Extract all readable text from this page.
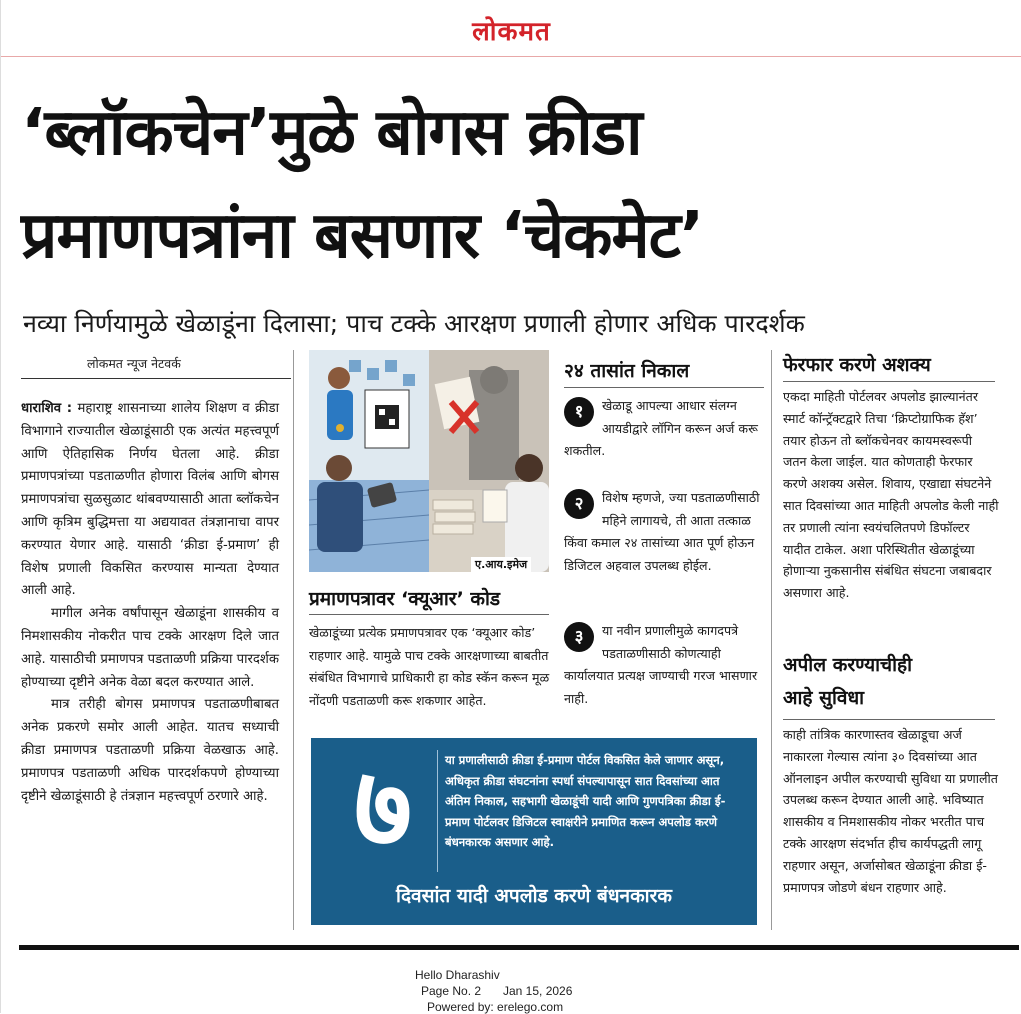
लोकमत
‘ब्लॉकचेन’मुळे बोगस क्रीडा
प्रमाणपत्रांना बसणार ‘चेकमेट’
नव्या निर्णयामुळे खेळाडूंना दिलासा; पाच टक्के आरक्षण प्रणाली होणार अधिक पारदर्शक
लोकमत न्यूज नेटवर्क

धाराशिव : महाराष्ट्र शासनाच्या शालेय शिक्षण व क्रीडा विभागाने राज्यातील खेळाडूंसाठी एक अत्यंत महत्त्वपूर्ण आणि ऐतिहासिक निर्णय घेतला आहे. क्रीडा प्रमाणपत्रांच्या पडताळणीत होणारा विलंब आणि बोगस प्रमाणपत्रांचा सुळसुळाट थांबवण्यासाठी आता ब्लॉकचेन आणि कृत्रिम बुद्धिमत्ता या अद्ययावत तंत्रज्ञानाचा वापर करण्यात येणार आहे. यासाठी ‘क्रीडा ई-प्रमाण’ ही विशेष प्रणाली विकसित करण्यास मान्यता देण्यात आली आहे.

मागील अनेक वर्षांपासून खेळाडूंना शासकीय व निमशासकीय नोकरीत पाच टक्के आरक्षण दिले जात आहे. यासाठीची प्रमाणपत्र पडताळणी प्रक्रिया पारदर्शक होण्याच्या दृष्टीने अनेक वेळा बदल करण्यात आले.

मात्र तरीही बोगस प्रमाणपत्र पडताळणीबाबत अनेक प्रकरणे समोर आली आहेत. यातच सध्याची क्रीडा प्रमाणपत्र पडताळणी प्रक्रिया वेळखाऊ आहे. प्रमाणपत्र पडताळणी अधिक पारदर्शकपणे होण्याच्या दृष्टीने खेळाडूंसाठी हे तंत्रज्ञान महत्त्वपूर्ण ठरणारे आहे.

ए.आय.इमेज
प्रमाणपत्रावर ‘क्यूआर’ कोड
खेळाडूंच्या प्रत्येक प्रमाणपत्रावर एक ‘क्यूआर कोड’ राहणार आहे. यामुळे पाच टक्के आरक्षणाच्या बाबतीत संबंधित विभागाचे प्राधिकारी हा कोड स्कॅन करून मूळ नोंदणी पडताळणी करू शकणार आहेत.
२४ तासांत निकाल
१	खेळाडू आपल्या आधार संलग्न आयडीद्वारे लॉगिन करून अर्ज करू शकतील.
२	विशेष म्हणजे, ज्या पडताळणीसाठी महिने लागायचे, ती आता तत्काळ किंवा कमाल २४ तासांच्या आत पूर्ण होऊन डिजिटल अहवाल उपलब्ध होईल.
३	या नवीन प्रणालीमुळे कागदपत्रे पडताळणीसाठी कोणत्याही कार्यालयात प्रत्यक्ष जाण्याची गरज भासणार नाही.
फेरफार करणे अशक्य
एकदा माहिती पोर्टलवर अपलोड झाल्यानंतर स्मार्ट कॉन्ट्रॅक्टद्वारे तिचा ‘क्रिप्टोग्राफिक हॅश’ तयार होऊन तो ब्लॉकचेनवर कायमस्वरूपी जतन केला जाईल. यात कोणताही फेरफार करणे अशक्य असेल. शिवाय, एखाद्या संघटनेने सात दिवसांच्या आत माहिती अपलोड केली नाही तर प्रणाली त्यांना स्वयंचलितपणे डिफॉल्टर यादीत टाकेल. अशा परिस्थितीत खेळाडूंच्या होणाऱ्या नुकसानीस संबंधित संघटना जबाबदार असणारा आहे.
अपील करण्याचीही
आहे सुविधा
काही तांत्रिक कारणास्तव खेळाडूचा अर्ज नाकारला गेल्यास त्यांना ३० दिवसांच्या आत ऑनलाइन अपील करण्याची सुविधा या प्रणालीत उपलब्ध करून देण्यात आली आहे. भविष्यात शासकीय व निमशासकीय नोकर भरतीत पाच टक्के आरक्षण संदर्भात हीच कार्यपद्धती लागू राहणार असून, अर्जासोबत खेळाडूंना क्रीडा ई-प्रमाणपत्र जोडणे बंधन राहणार आहे.
७	या प्रणालीसाठी क्रीडा ई-प्रमाण पोर्टल विकसित केले जाणार असून, अधिकृत क्रीडा संघटनांना स्पर्धा संपल्यापासून सात दिवसांच्या आत अंतिम निकाल, सहभागी खेळाडूंची यादी आणि गुणपत्रिका क्रीडा ई-प्रमाण पोर्टलवर डिजिटल स्वाक्षरीने प्रमाणित करून अपलोड करणे बंधनकारक असणार आहे.
दिवसांत यादी अपलोड करणे बंधनकारक
Hello Dharashiv
Page No. 2 Jan 15, 2026
Powered by: erelego.com
